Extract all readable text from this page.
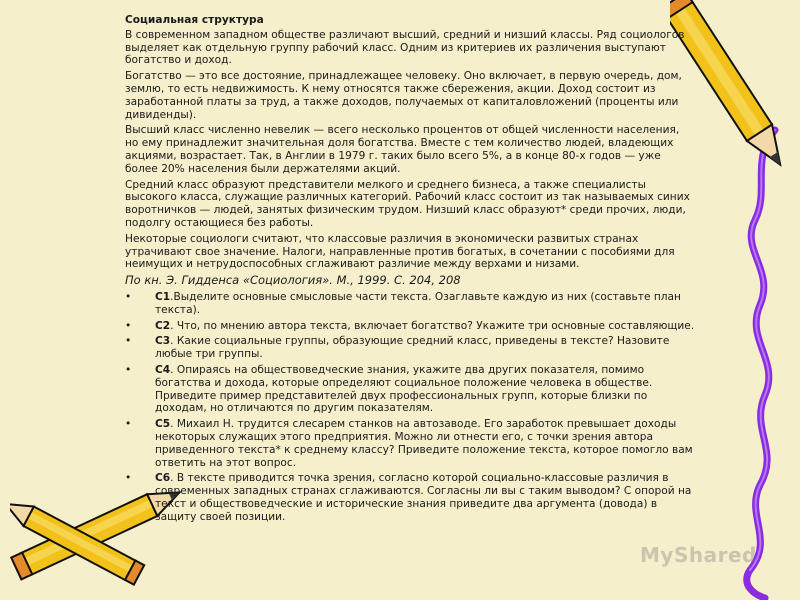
Социальная структура

В современном западном обществе различают высший, средний и низший классы. Ряд социологов выделяет как отдельную группу рабочий класс. Одним из критериев их различения выступают богатство и доход.

Богатство — это все достояние, принадлежащее человеку. Оно включает, в первую очередь, дом, землю, то есть недвижимость. К нему относятся также сбережения, акции. Доход состоит из заработанной платы за труд, а также доходов, получаемых от капиталовложений (проценты или дивиденды).

Высший класс численно невелик — всего несколько процентов от общей численности населения, но ему принадлежит значительная доля богатства. Вместе с тем количество людей, владеющих акциями, возрастает. Так, в Англии в 1979 г. таких было всего 5%, а в конце 80-х годов — уже более 20% населения были держателями акций.

Средний класс образуют представители мелкого и среднего бизнеса, а также специалисты высокого класса, служащие различных категорий. Рабочий класс состоит из так называемых синих воротничков — людей, занятых физическим трудом. Низший класс образуют* среди прочих, люди, подолгу остающиеся без работы.

Некоторые социологи считают, что классовые различия в экономически развитых странах утрачивают свое значение. Налоги, направленные против богатых, в сочетании с пособиями для неимущих и нетрудоспособных сглаживают различие между верхами и низами.

По кн. Э. Гидденса «Социология». М., 1999. С. 204, 208

• С1.Выделите основные смысловые части текста. Озаглавьте каждую из них (составьте план текста).
• С2. Что, по мнению автора текста, включает богатство? Укажите три основные составляющие.
• С3. Какие социальные группы, образующие средний класс, приведены в тексте? Назовите любые три группы.
• С4. Опираясь на обществоведческие знания, укажите два других показателя, помимо богатства и дохода, которые определяют социальное положение человека в обществе. Приведите пример представителей двух профессиональных групп, которые близки по доходам, но отличаются по другим показателям.
• С5. Михаил Н. трудится слесарем станков на автозаводе. Его заработок превышает доходы некоторых служащих этого предприятия. Можно ли отнести его, с точки зрения автора приведенного текста* к среднему классу? Приведите положение текста, которое помогло вам ответить на этот вопрос.
• С6. В тексте приводится точка зрения, согласно которой социально-классовые различия в современных западных странах сглаживаются. Согласны ли вы с таким выводом? С опорой на текст и обществоведческие и исторические знания приведите два аргумента (довода) в защиту своей позиции.
MyShared
